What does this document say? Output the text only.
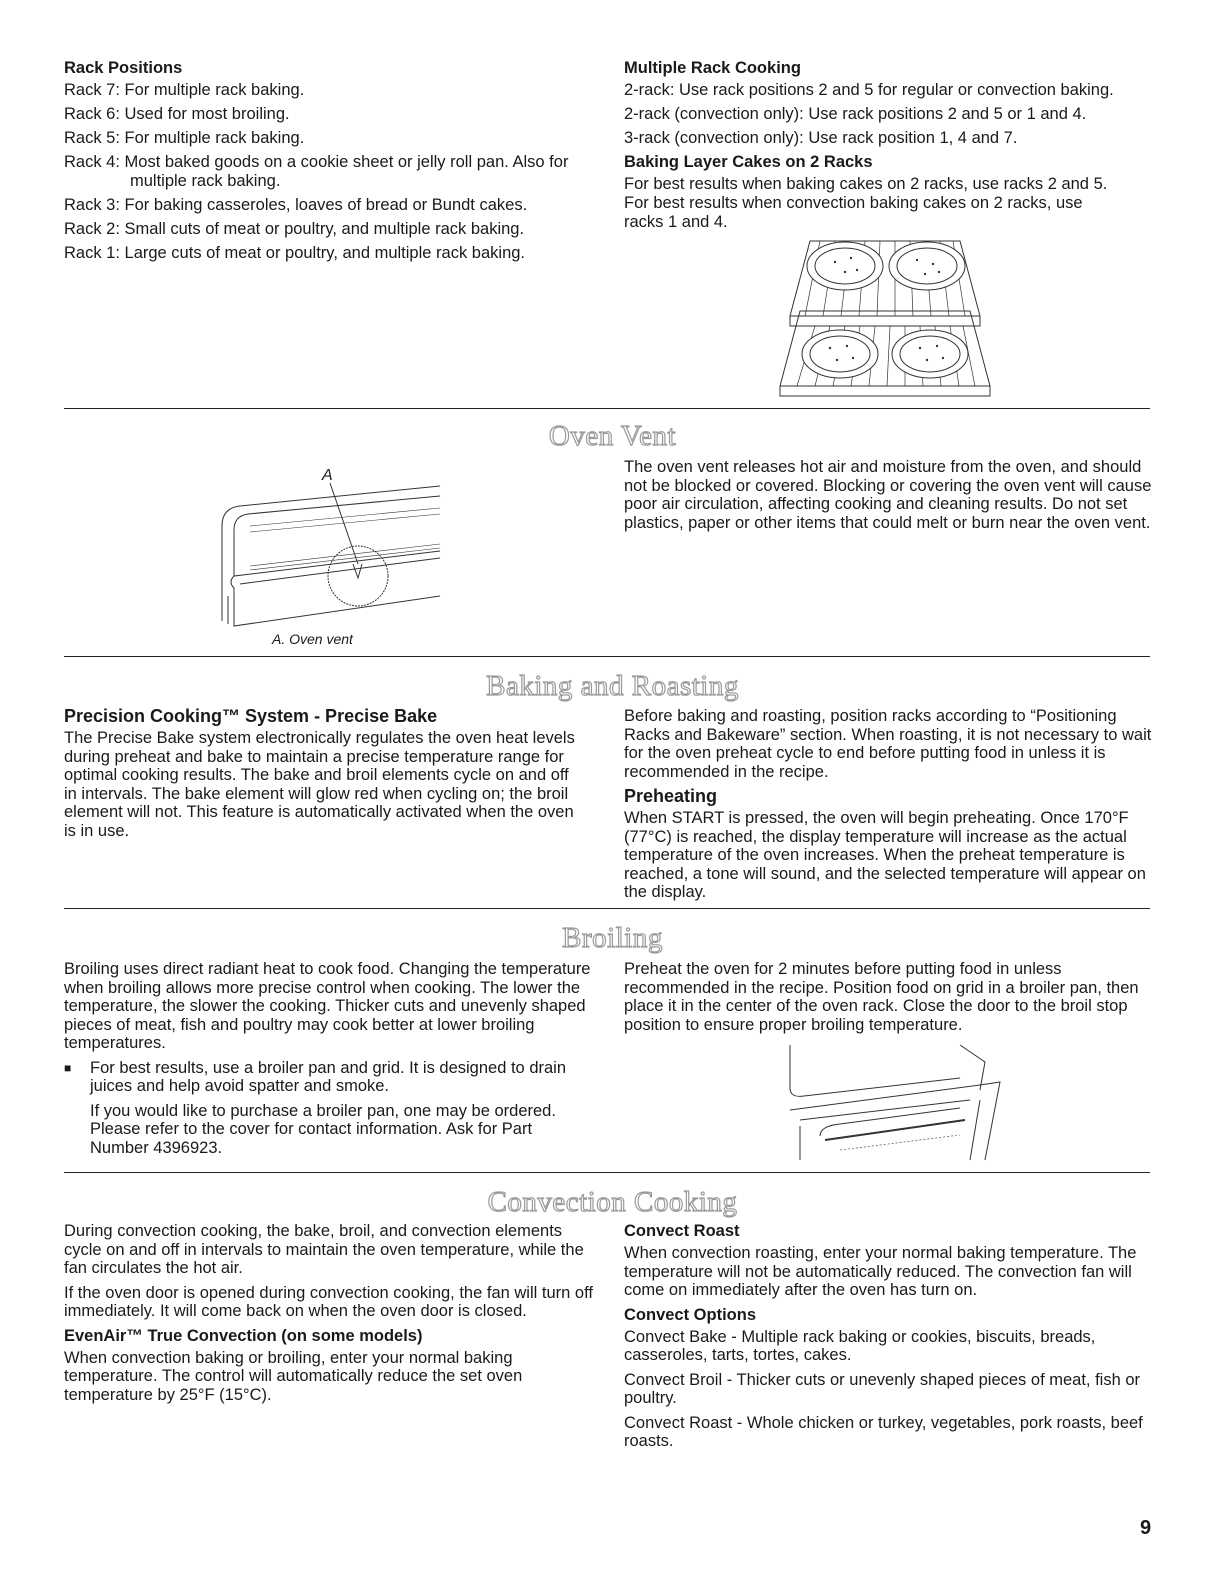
Rack Positions
Rack 7: For multiple rack baking.
Rack 6: Used for most broiling.
Rack 5: For multiple rack baking.
Rack 4: Most baked goods on a cookie sheet or jelly roll pan. Also for multiple rack baking.
Rack 3: For baking casseroles, loaves of bread or Bundt cakes.
Rack 2: Small cuts of meat or poultry, and multiple rack baking.
Rack 1: Large cuts of meat or poultry, and multiple rack baking.
Multiple Rack Cooking

2-rack: Use rack positions 2 and 5 for regular or convection baking.

2-rack (convection only): Use rack positions 2 and 5 or 1 and 4.

3-rack (convection only): Use rack position 1, 4 and 7.

Baking Layer Cakes on 2 Racks

For best results when baking cakes on 2 racks, use racks 2 and 5. For best results when convection baking cakes on 2 racks, use racks 1 and 4.

Oven Vent
A
A. Oven vent

The oven vent releases hot air and moisture from the oven, and should not be blocked or covered. Blocking or covering the oven vent will cause poor air circulation, affecting cooking and cleaning results. Do not set plastics, paper or other items that could melt or burn near the oven vent.

Baking and Roasting
Precision Cooking™ System - Precise Bake

The Precise Bake system electronically regulates the oven heat levels during preheat and bake to maintain a precise temperature range for optimal cooking results. The bake and broil elements cycle on and off in intervals. The bake element will glow red when cycling on; the broil element will not. This feature is automatically activated when the oven is in use.

Before baking and roasting, position racks according to “Positioning Racks and Bakeware” section. When roasting, it is not necessary to wait for the oven preheat cycle to end before putting food in unless it is recommended in the recipe.

Preheating

When START is pressed, the oven will begin preheating. Once 170°F (77°C) is reached, the display temperature will increase as the actual temperature of the oven increases. When the preheat temperature is reached, a tone will sound, and the selected temperature will appear on the display.

Broiling

Broiling uses direct radiant heat to cook food. Changing the temperature when broiling allows more precise control when cooking. The lower the temperature, the slower the cooking. Thicker cuts and unevenly shaped pieces of meat, fish and poultry may cook better at lower broiling temperatures.

■	For best results, use a broiler pan and grid. It is designed to drain juices and help avoid spatter and smoke.

If you would like to purchase a broiler pan, one may be ordered. Please refer to the cover for contact information. Ask for Part Number 4396923.

Preheat the oven for 2 minutes before putting food in unless recommended in the recipe. Position food on grid in a broiler pan, then place it in the center of the oven rack. Close the door to the broil stop position to ensure proper broiling temperature.

Convection Cooking

During convection cooking, the bake, broil, and convection elements cycle on and off in intervals to maintain the oven temperature, while the fan circulates the hot air.

If the oven door is opened during convection cooking, the fan will turn off immediately. It will come back on when the oven door is closed.

EvenAir™ True Convection (on some models)

When convection baking or broiling, enter your normal baking temperature. The control will automatically reduce the set oven temperature by 25°F (15°C).

Convect Roast

When convection roasting, enter your normal baking temperature. The temperature will not be automatically reduced. The convection fan will come on immediately after the oven has turn on.

Convect Options

Convect Bake - Multiple rack baking or cookies, biscuits, breads, casseroles, tarts, tortes, cakes.

Convect Broil - Thicker cuts or unevenly shaped pieces of meat, fish or poultry.

Convect Roast - Whole chicken or turkey, vegetables, pork roasts, beef roasts.

9
